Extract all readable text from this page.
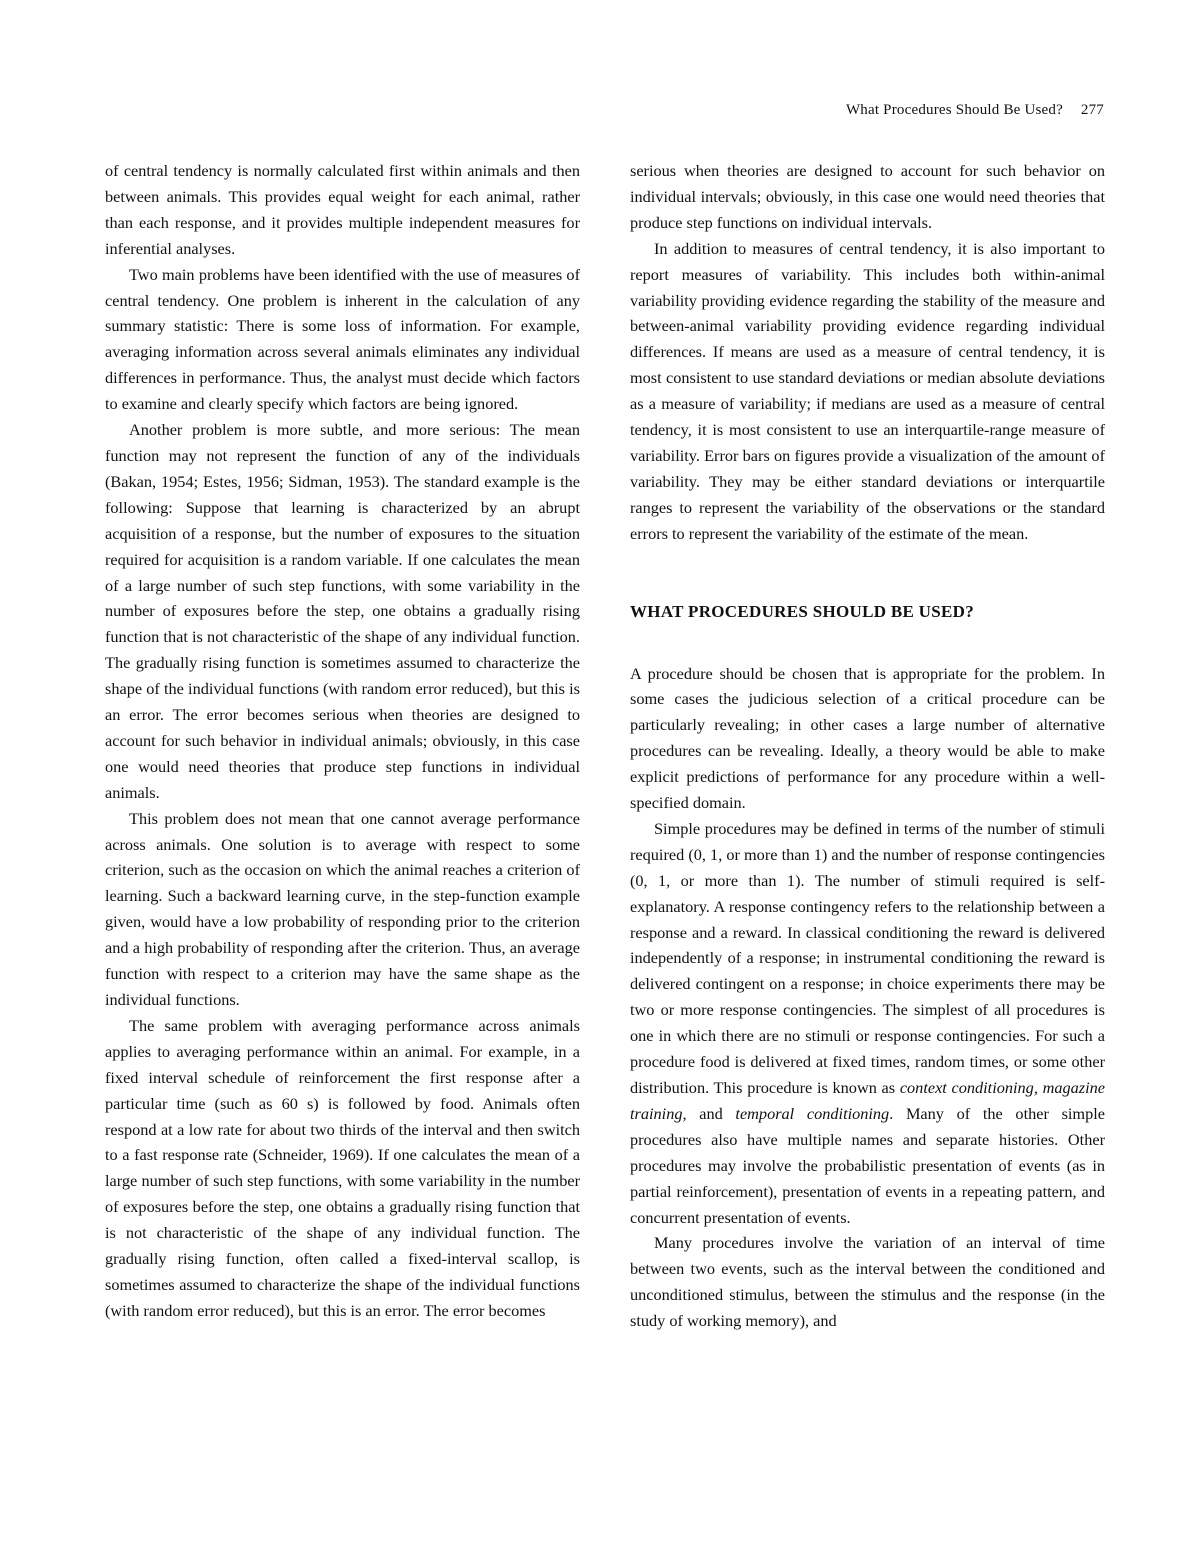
What Procedures Should Be Used? 277

of central tendency is normally calculated first within animals and then between animals. This provides equal weight for each animal, rather than each response, and it provides multiple independent measures for inferential analyses.

Two main problems have been identified with the use of measures of central tendency. One problem is inherent in the calculation of any summary statistic: There is some loss of information. For example, averaging information across several animals eliminates any individual differences in performance. Thus, the analyst must decide which factors to examine and clearly specify which factors are being ignored.

Another problem is more subtle, and more serious: The mean function may not represent the function of any of the individuals (Bakan, 1954; Estes, 1956; Sidman, 1953). The standard example is the following: Suppose that learning is characterized by an abrupt acquisition of a response, but the number of exposures to the situation required for acquisition is a random variable. If one calculates the mean of a large number of such step functions, with some variability in the number of exposures before the step, one obtains a gradually rising function that is not characteristic of the shape of any individual function. The gradually rising function is sometimes assumed to characterize the shape of the individual functions (with random error reduced), but this is an error. The error becomes serious when theories are designed to account for such behavior in individual animals; obviously, in this case one would need theories that produce step functions in individual animals.

This problem does not mean that one cannot average performance across animals. One solution is to average with respect to some criterion, such as the occasion on which the animal reaches a criterion of learning. Such a backward learning curve, in the step-function example given, would have a low probability of responding prior to the criterion and a high probability of responding after the criterion. Thus, an average function with respect to a criterion may have the same shape as the individual functions.

The same problem with averaging performance across animals applies to averaging performance within an animal. For example, in a fixed interval schedule of reinforcement the first response after a particular time (such as 60 s) is followed by food. Animals often respond at a low rate for about two thirds of the interval and then switch to a fast response rate (Schneider, 1969). If one calculates the mean of a large number of such step functions, with some variability in the number of exposures before the step, one obtains a gradually rising function that is not characteristic of the shape of any individual function. The gradually rising function, often called a fixed-interval scallop, is sometimes assumed to characterize the shape of the individual functions (with random error reduced), but this is an error. The error becomes

serious when theories are designed to account for such behavior on individual intervals; obviously, in this case one would need theories that produce step functions on individual intervals.

In addition to measures of central tendency, it is also important to report measures of variability. This includes both within-animal variability providing evidence regarding the stability of the measure and between-animal variability providing evidence regarding individual differences. If means are used as a measure of central tendency, it is most consistent to use standard deviations or median absolute deviations as a measure of variability; if medians are used as a measure of central tendency, it is most consistent to use an interquartile-range measure of variability. Error bars on figures provide a visualization of the amount of variability. They may be either standard deviations or interquartile ranges to represent the variability of the observations or the standard errors to represent the variability of the estimate of the mean.

WHAT PROCEDURES SHOULD BE USED?

A procedure should be chosen that is appropriate for the problem. In some cases the judicious selection of a critical procedure can be particularly revealing; in other cases a large number of alternative procedures can be revealing. Ideally, a theory would be able to make explicit predictions of performance for any procedure within a well-specified domain.

Simple procedures may be defined in terms of the number of stimuli required (0, 1, or more than 1) and the number of response contingencies (0, 1, or more than 1). The number of stimuli required is self-explanatory. A response contingency refers to the relationship between a response and a reward. In classical conditioning the reward is delivered independently of a response; in instrumental conditioning the reward is delivered contingent on a response; in choice experiments there may be two or more response contingencies. The simplest of all procedures is one in which there are no stimuli or response contingencies. For such a procedure food is delivered at fixed times, random times, or some other distribution. This procedure is known as context conditioning, magazine training, and temporal conditioning. Many of the other simple procedures also have multiple names and separate histories. Other procedures may involve the probabilistic presentation of events (as in partial reinforcement), presentation of events in a repeating pattern, and concurrent presentation of events.

Many procedures involve the variation of an interval of time between two events, such as the interval between the conditioned and unconditioned stimulus, between the stimulus and the response (in the study of working memory), and
